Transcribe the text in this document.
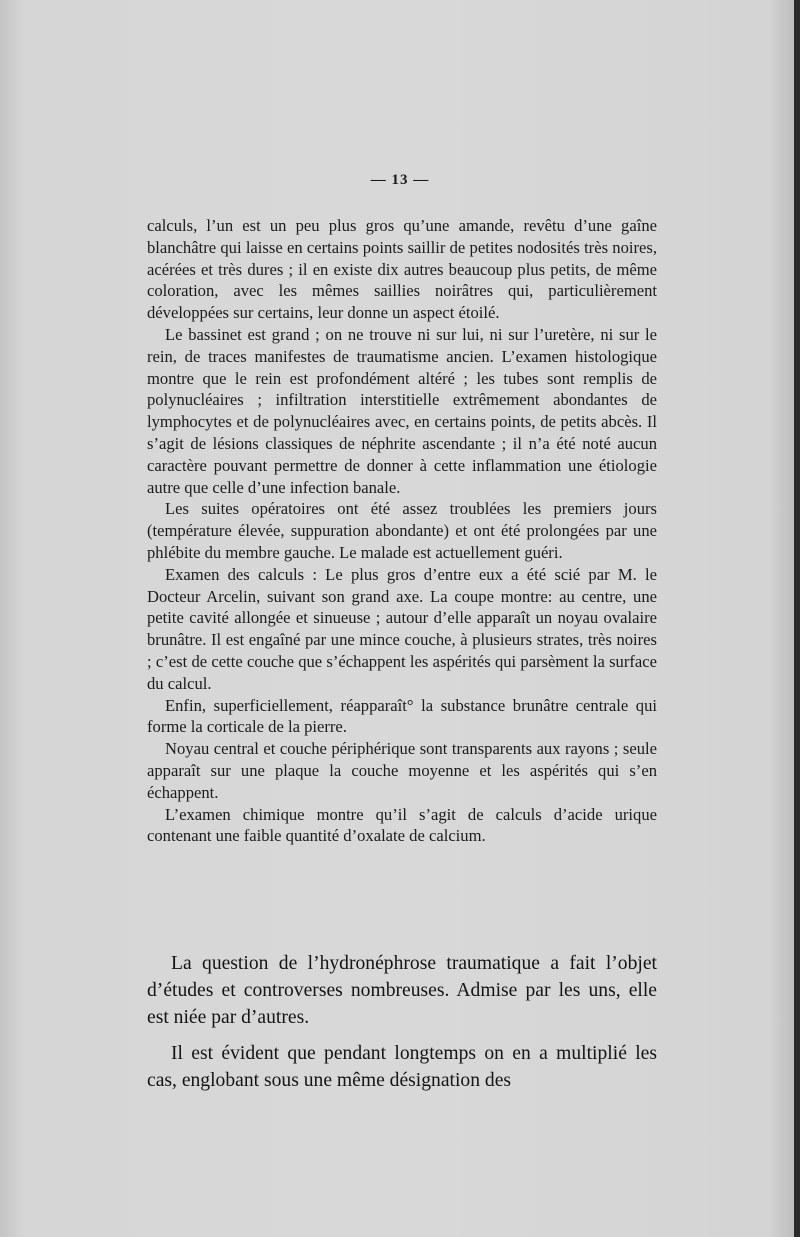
— 13 —

calculs, l’un est un peu plus gros qu’une amande, revêtu d’une gaîne blanchâtre qui laisse en certains points saillir de petites nodosités très noires, acérées et très dures ; il en existe dix autres beaucoup plus petits, de même coloration, avec les mêmes saillies noirâtres qui, particulièrement développées sur certains, leur donne un aspect étoilé.

Le bassinet est grand ; on ne trouve ni sur lui, ni sur l’uretère, ni sur le rein, de traces manifestes de traumatisme ancien. L’examen histologique montre que le rein est profondément altéré ; les tubes sont remplis de polynucléaires ; infiltration interstitielle extrêmement abondantes de lymphocytes et de polynucléaires avec, en certains points, de petits abcès. Il s’agit de lésions classiques de néphrite ascendante ; il n’a été noté aucun caractère pouvant permettre de donner à cette inflammation une étiologie autre que celle d’une infection banale.

Les suites opératoires ont été assez troublées les premiers jours (température élevée, suppuration abondante) et ont été prolongées par une phlébite du membre gauche. Le malade est actuellement guéri.

Examen des calculs : Le plus gros d’entre eux a été scié par M. le Docteur Arcelin, suivant son grand axe. La coupe montre: au centre, une petite cavité allongée et sinueuse ; autour d’elle apparaît un noyau ovalaire brunâtre. Il est engaîné par une mince couche, à plusieurs strates, très noires ; c’est de cette couche que s’échappent les aspérités qui parsèment la surface du calcul.

Enfin, superficiellement, réapparaît° la substance brunâtre centrale qui forme la corticale de la pierre.

Noyau central et couche périphérique sont transparents aux rayons ; seule apparaît sur une plaque la couche moyenne et les aspérités qui s’en échappent.

L’examen chimique montre qu’il s’agit de calculs d’acide urique contenant une faible quantité d’oxalate de calcium.

La question de l’hydronéphrose traumatique a fait l’objet d’études et controverses nombreuses. Admise par les uns, elle est niée par d’autres.

Il est évident que pendant longtemps on en a multiplié les cas, englobant sous une même désignation des
